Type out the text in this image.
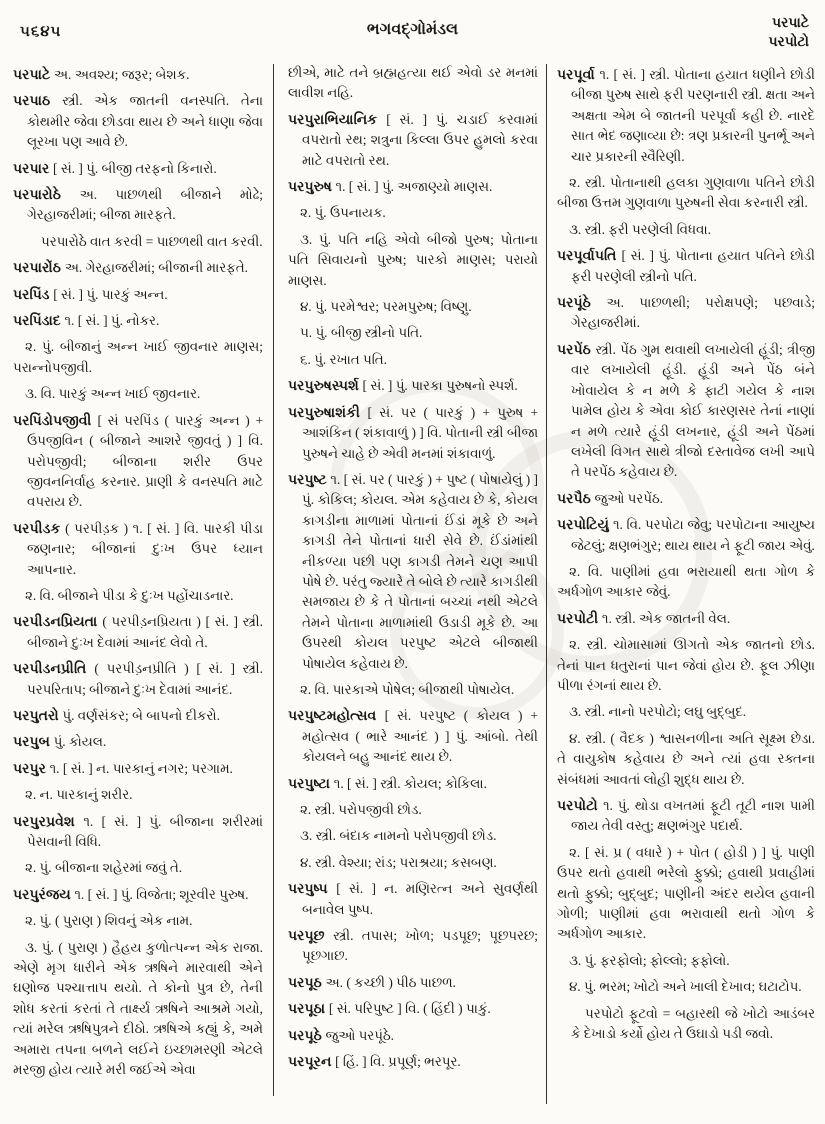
૫૬૪૫	ભગવદ્ગોમંડલ	પરપાટે
પરપોટો

પરપાટે અ. અવશ્ય; જરૂર; બેશક.

પરપાઠ સ્ત્રી. એક જાતની વનસ્પતિ. તેના કોથમીર જેવા છોડવા થાય છે અને ધાણા જેવા લૂરખા પણ આવે છે.

પરપાર [ સં. ] પું. બીજી તરફનો કિનારો.

પરપારોઠે અ. પાછળથી બીજાને મોઢે; ગેરહાજરીમાં; બીજા મારફતે.

પરપારોઠે વાત કરવી = પાછળથી વાત કરવી.

પરપારોંઠ અ. ગેરહાજરીમાં; બીજાની મારફતે.

પરપિંડ [ સં. ] પું. પારકું અન્ન.

પરપિંડાદ ૧. [ સં. ] પું. નોકર.

૨. પું. બીજાનું અન્ન ખાઈ જીવનાર માણસ; પરાન્નોપજીવી.

૩. વિ. પારકું અન્ન ખાઈ જીવનાર.

પરપિંડોપજીવી [ સં પરપિંડ ( પારકું અન્ન ) + ઉપજીવિન ( બીજાને આશરે જીવતું ) ] વિ. પરોપજીવી; બીજાના શરીર ઉપર જીવનનિર્વાહ કરનાર. પ્રાણી કે વનસ્પતિ માટે વપરાય છે.

પરપીડક ( પરપીડ઼ક ) ૧. [ સં. ] વિ. પારકી પીડા જણનાર; બીજાનાં દુઃખ ઉપર ધ્યાન આપનાર.

૨. વિ. બીજાને પીડા કે દુઃખ પહોંચાડનાર.

પરપીડનપ્રિયતા ( પરપીડ઼નપ્રિયતા ) [ સં. ] સ્ત્રી. બીજાને દુઃખ દેવામાં આનંદ લેવો તે.

પરપીડનપ્રીતિ ( પરપીડ઼નપ્રીતિ ) [ સં. ] સ્ત્રી. પરપરિતાપ; બીજાને દુઃખ દેવામાં આનંદ.

પરપુતરો પું. વર્ણસંકર; બે બાપનો દીકરો.

પરપુબ પું. કોયલ.

પરપુર ૧. [ સં. ] ન. પારકાનું નગર; પરગામ.

૨. ન. પારકાનું શરીર.

પરપુરપ્રવેશ ૧. [ સં. ] પું. બીજાના શરીરમાં પેસવાની વિધિ.

૨. પું. બીજાના શહેરમાં જવું તે.

પરપુરંજય ૧. [ સં. ] પું. વિજેતા; શૂરવીર પુરુષ.

૨. પું. ( પુરાણ ) શિવનું એક નામ.

૩. પું. ( પુરાણ ) હૈહય કુળોત્પન્ન એક રાજા. એણે મૃગ ધારીને એક ઋષિને મારવાથી એને ઘણોજ પશ્ચાત્તાપ થયો. તે કોનો પુત્ર છે, તેની શોધ કરતાં કરતાં તે તાર્ક્ષ્ય ઋષિને આશ્રમે ગયો, ત્યાં મરેલ ઋષિપુત્રને દીઠો. ઋષિએ કહ્યું કે, અમે અમારા તપના બળને લઈને ઇચ્છામરણી એટલે મરજી હોય ત્યારે મરી જઈએ એવા

છીએ, માટે તને બ્રહ્મહત્યા થઈ એવો ડર મનમાં લાવીશ નહિ.

પરપુરાભિયાનિક [ સં. ] પું. ચડાઈ કરવામાં વપરાતો રથ; શત્રુના કિલ્લા ઉપર હુમલો કરવા માટે વપરાતો રથ.

પરપુરુષ ૧. [ સં. ] પું. અજાણ્યો માણસ.

૨. પું. ઉપનાયક.

૩. પું. પતિ નહિ એવો બીજો પુરુષ; પોતાના પતિ સિવાયનો પુરુષ; પારકો માણસ; પરાયો માણસ.

૪. પું. પરમેશ્વર; પરમપુરુષ; વિષ્ણુ.

૫. પું. બીજી સ્ત્રીનો પતિ.

૬. પું. રખાત પતિ.

પરપુરુષસ્પર્શ [ સં. ] પું. પારકા પુરુષનો સ્પર્શ.

પરપુરુષાશંકી [ સં. પર ( પારકું ) + પુરુષ + આશંકિન ( શંકાવાળું ) ] વિ. પોતાની સ્ત્રી બીજા પુરુષને ચાહે છે એવી મનમાં શંકાવાળું.

પરપુષ્ટ ૧. [ સં. પર ( પારકું ) + પુષ્ટ ( પોષાયેલું ) ] પું. કોકિલ; કોયલ. એમ કહેવાય છે કે, કોયલ કાગડીના માળામાં પોતાનાં ઈંડાં મૂકે છે અને કાગડી તેને પોતાનાં ધારી સેવે છે. ઈંડાંમાંથી નીકળ્યા પછી પણ કાગડી તેમને ચણ આપી પોષે છે. પરંતુ જ્યારે તે બોલે છે ત્યારે કાગડીથી સમજાય છે કે તે પોતાનાં બચ્ચાં નથી એટલે તેમને પોતાના માળામાંથી ઉડાડી મૂકે છે. આ ઉપરથી કોયલ પરપુષ્ટ એટલે બીજાથી પોષાયેલ કહેવાય છે.

૨. વિ. પારકાએ પોષેલ; બીજાથી પોષાયેલ.

પરપુષ્ટમહોત્સવ [ સં. પરપુષ્ટ ( કોયલ ) + મહોત્સવ ( ભારે આનંદ ) ] પું. આંબો. તેથી કોયલને બહુ આનંદ થાય છે.

પરપુષ્ટા ૧. [ સં. ] સ્ત્રી. કોયલ; કોકિલા.

૨. સ્ત્રી. પરોપજીવી છોડ.

૩. સ્ત્રી. બંદાક નામનો પરોપજીવી છોડ.

૪. સ્ત્રી. વેશ્યા; રાંડ; પરાશ્રયા; કસબણ.

પરપુષ્પ [ સં. ] ન. મણિરત્ન અને સુવર્ણથી બનાવેલ પુષ્પ.

પરપૂછ સ્ત્રી. તપાસ; ખોળ; પડપૂછ; પૂછપરછ; પૂછગાછ.

પરપૂઠ અ. ( કચ્છી ) પીઠ પાછળ.

પરપૂઠા [ સં. પરિપુષ્ટ ] વિ. ( હિંદી ) પાકું.

પરપૂઠે જુઓ પરપૂંઠે.

પરપૂરન [ હિં. ] વિ. પ્રપૂર્ણ; ભરપૂર.

પરપૂર્વા ૧. [ સં. ] સ્ત્રી. પોતાના હયાત ધણીને છોડી બીજા પુરુષ સાથે ફરી પરણનારી સ્ત્રી. ક્ષતા અને અક્ષતા એમ બે જાતની પરપૂર્વા કહી છે. નારદે સાત ભેદ જણાવ્યા છે: ત્રણ પ્રકારની પુનર્ભૂ અને ચાર પ્રકારની સ્વૈરિણી.

૨. સ્ત્રી. પોતાનાથી હલકા ગુણવાળા પતિને છોડી બીજા ઉત્તમ ગુણવાળા પુરુષની સેવા કરનારી સ્ત્રી.

૩. સ્ત્રી. ફરી પરણેલી વિધવા.

પરપૂર્વાપતિ [ સં. ] પું. પોતાના હયાત પતિને છોડી ફરી પરણેલી સ્ત્રીનો પતિ.

પરપૂંઠે અ. પાછળથી; પરોક્ષપણે; પછવાડે; ગેરહાજરીમાં.

પરપેંઠ સ્ત્રી. પેંઠ ગુમ થવાથી લખાયેલી હૂંડી; ત્રીજી વાર લખાયેલી હૂંડી. હૂંડી અને પેંઠ બંને ખોવાયેલ કે ન મળે કે ફાટી ગયેલ કે નાશ પામેલ હોય કે એવા કોઈ કારણસર તેનાં નાણાં ન મળે ત્યારે હૂંડી લખનાર, હૂંડી અને પેંઠમાં લખેલી વિગત સાથે ત્રીજો દસ્તાવેજ લખી આપે તે પરપેંઠ કહેવાય છે.

પરપૈઠ જુઓ પરપેંઠ.

પરપોટિયું ૧. વિ. પરપોટા જેવુ; પરપોટાના આયુષ્ય જેટલું; ક્ષણભંગુર; થાય થાય ને ફૂટી જાય એવું.

૨. વિ. પાણીમાં હવા ભરાયાથી થતા ગોળ કે અર્ધગોળ આકાર જેવું.

પરપોટી ૧. સ્ત્રી. એક જાતની વેલ.

૨. સ્ત્રી. ચોમાસામાં ઊગતો એક જાતનો છોડ. તેનાં પાન ધતુરાનાં પાન જેવાં હોય છે. ફૂલ ઝીણા પીળા રંગનાં થાય છે.

૩. સ્ત્રી. નાનો પરપોટો; લઘુ બુદ્‌બુદ.

૪. સ્ત્રી. ( વૈદક ) શ્વાસનળીના અતિ સૂક્ષ્મ છેડા. તે વાયુકોષ કહેવાય છે અને ત્યાં હવા રક્તના સંબંધમાં આવતાં લોહી શુદ્ધ થાય છે.

પરપોટો ૧. પું. થોડા વખતમાં ફૂટી તૂટી નાશ પામી જાય તેવી વસ્તુ; ક્ષણભંગુર પદાર્થ.

૨. [ સં. પ્ર ( વધારે ) + પોત ( હોડી ) ] પું. પાણી ઉપર થતો હવાથી ભરેલો ફુક્કો; હવાથી પ્રવાહીમાં થતો ફુક્કો; બુદ્‌બુદ; પાણીની અંદર થયેલ હવાની ગોળી; પાણીમાં હવા ભરાવાથી થતો ગોળ કે અર્ધગોળ આકાર.

૩. પું. ફરફોલો; ફોલ્લો; ફફોલો.

૪. પું. ભરમ; ખોટો અને ખાલી દેખાવ; ઘટાટોપ.

પરપોટો ફૂટવો = બહારથી જે ખોટો આડંબર કે દેખાડો કર્યો હોય તે ઉઘાડો પડી જવો.
